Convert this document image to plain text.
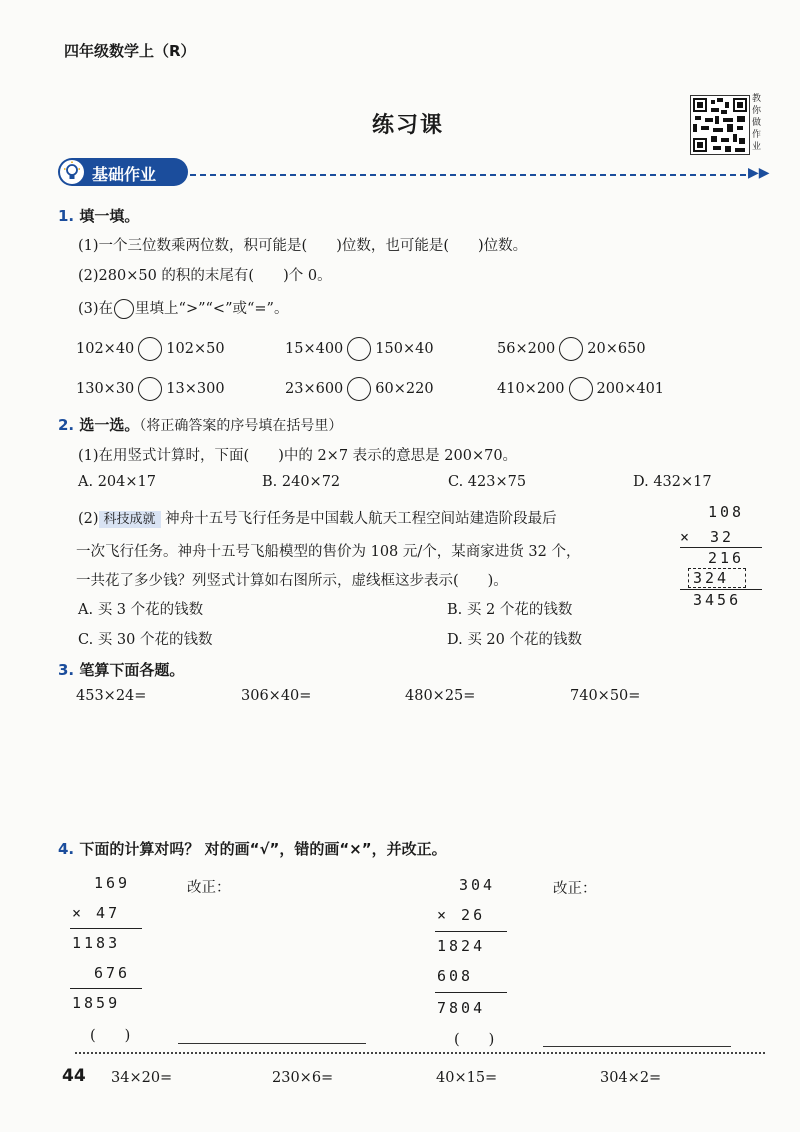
四年级数学上（R）
练习课
教你做作业
基础作业	▶▶
1. 填一填。
(1)一个三位数乘两位数，积可能是(　　)位数，也可能是(　　)位数。
(2)280×50 的积的末尾有(　　)个 0。
(3)在 里填上“>”“<”或“=”。
102×40 102×50	15×400 150×40	56×200 20×650
130×30 13×300	23×600 60×220	410×200 200×401
2. 选一选。（将正确答案的序号填在括号里）
(1)在用竖式计算时，下面(　　)中的 2×7 表示的意思是 200×70。
A. 204×17	B. 240×72	C. 423×75	D. 432×17
(2) 科技成就 神舟十五号飞行任务是中国载人航天工程空间站建造阶段最后
一次飞行任务。神舟十五号飞船模型的售价为 108 元/个，某商家进货 32 个，
一共花了多少钱？列竖式计算如右图所示，虚线框这步表示(　　)。
A. 买 3 个花的钱数	B. 买 2 个花的钱数
C. 买 30 个花的钱数	D. 买 20 个花的钱数
108
×　32
216
324
3456
3. 笔算下面各题。
453×24=	306×40=	480×25=	740×50=
4. 下面的计算对吗？ 对的画“√”，错的画“×”，并改正。
169
× 47
1183
676
1859
(　　)
改正：	304
× 26
1824
608
7804
(　　)
改正：
44 34×20=	230×6=	40×15=	304×2=
